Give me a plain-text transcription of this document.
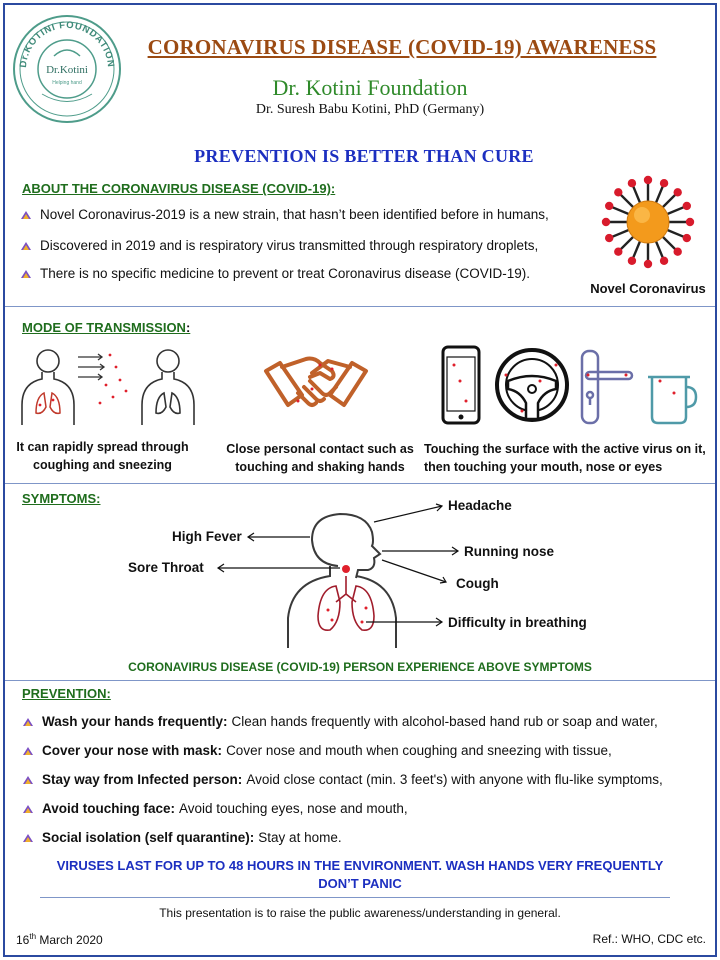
Dr.KOTINI FOUNDATION
Dr.Kotini
Helping hand
CORONAVIRUS DISEASE (COVID-19) AWARENESS
Dr. Kotini Foundation
Dr. Suresh Babu Kotini, PhD (Germany)
PREVENTION IS BETTER THAN CURE
ABOUT THE CORONAVIRUS DISEASE (COVID-19):
Novel Coronavirus-2019 is a new strain, that hasn’t been identified before in humans,
Discovered in 2019 and is respiratory virus transmitted through respiratory droplets,
There is no specific medicine to prevent or treat Coronavirus disease (COVID-19).
Novel Coronavirus
MODE OF TRANSMISSION:
It can rapidly spread through
coughing and sneezing
Close personal contact such as
touching and shaking hands
Touching the surface with the active virus on it,
then touching your mouth, nose or eyes
SYMPTOMS:	Headache
High Fever
Running nose
Sore Throat
Cough
Difficulty in breathing
CORONAVIRUS DISEASE (COVID-19) PERSON EXPERIENCE ABOVE SYMPTOMS
PREVENTION:
Wash your hands frequently: Clean hands frequently with alcohol-based hand rub or soap and water,
Cover your nose with mask: Cover nose and mouth when coughing and sneezing with tissue,
Stay way from Infected person: Avoid close contact (min. 3 feet's) with anyone with flu-like symptoms,
Avoid touching face: Avoid touching eyes, nose and mouth,
Social isolation (self quarantine): Stay at home.
VIRUSES LAST FOR UP TO 48 HOURS IN THE ENVIRONMENT. WASH HANDS VERY FREQUENTLY
DON’T PANIC
This presentation is to raise the public awareness/understanding in general.
16th March 2020	Ref.: WHO, CDC etc.
